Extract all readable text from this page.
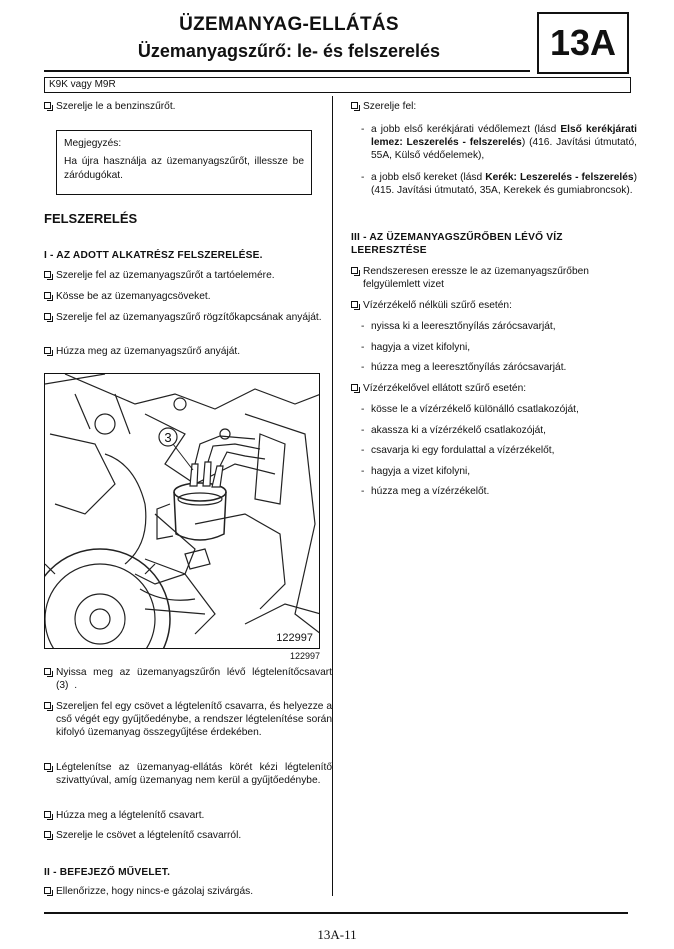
ÜZEMANYAG-ELLÁTÁS
Üzemanyagszűrő: le- és felszerelés	13A
K9K vagy M9R
Szerelje le a benzinszűrőt.
Megjegyzés:
Ha újra használja az üzemanyagszűrőt, illessze be záródugókat.
FELSZERELÉS
I - AZ ADOTT ALKATRÉSZ FELSZERELÉSE.
Szerelje fel az üzemanyagszűrőt a tartóelemére.
Kösse be az üzemanyagcsöveket.
Szerelje fel az üzemanyagszűrő rögzítőkapcsának anyáját.
Húzza meg az üzemanyagszűrő anyáját.
3
122997
122997
Nyissa meg az üzemanyagszűrőn lévő légtelenítőcsavart (3) .
Szereljen fel egy csövet a légtelenítő csavarra, és helyezze a cső végét egy gyűjtőedénybe, a rendszer légtelenítése során kifolyó üzemanyag összegyűjtése érdekében.
Légtelenítse az üzemanyag-ellátás körét kézi légtelenítő szivattyúval, amíg üzemanyag nem kerül a gyűjtőedénybe.
Húzza meg a légtelenítő csavart.
Szerelje le csövet a légtelenítő csavarról.
II - BEFEJEZŐ MŰVELET.
Ellenőrizze, hogy nincs-e gázolaj szivárgás.
Szerelje fel:
- a jobb első kerékjárati védőlemezt (lásd Első kerékjárati lemez: Leszerelés - felszerelés) (416. Javítási útmutató, 55A, Külső védőelemek),
- a jobb első kereket (lásd Kerék: Leszerelés - felszerelés) (415. Javítási útmutató, 35A, Kerekek és gumiabroncsok).
III - AZ ÜZEMANYAGSZŰRŐBEN LÉVŐ VÍZ LEERESZTÉSE
Rendszeresen eressze le az üzemanyagszűrőben felgyülemlett vizet
Vízérzékelő nélküli szűrő esetén:
- nyissa ki a leeresztőnyílás zárócsavarját,
- hagyja a vizet kifolyni,
- húzza meg a leeresztőnyílás zárócsavarját.
Vízérzékelővel ellátott szűrő esetén:
- kösse le a vízérzékelő különálló csatlakozóját,
- akassza ki a vízérzékelő csatlakozóját,
- csavarja ki egy fordulattal a vízérzékelőt,
- hagyja a vizet kifolyni,
- húzza meg a vízérzékelőt.
13A-11
